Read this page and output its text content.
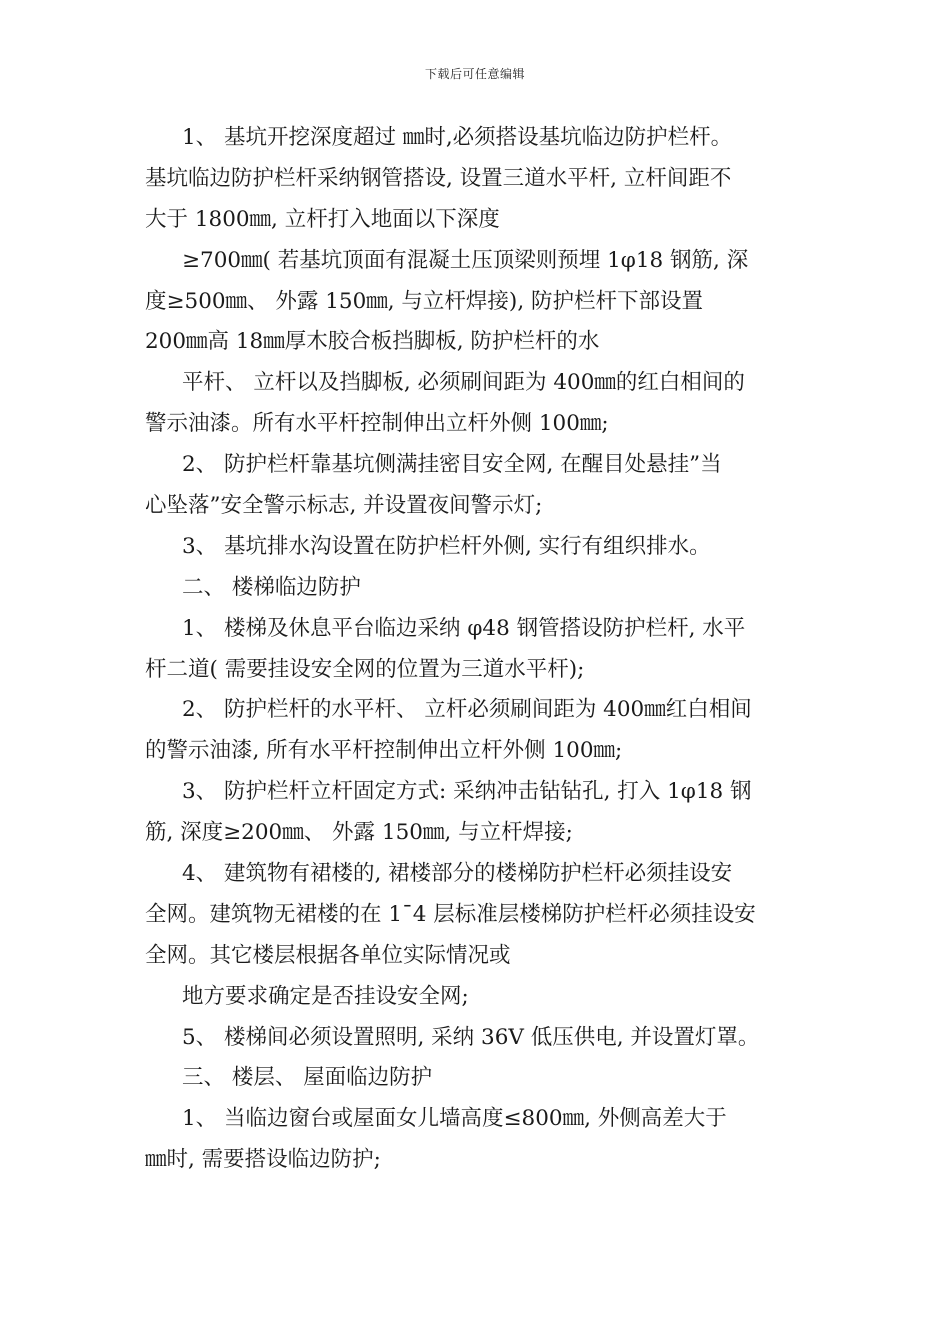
下载后可任意编辑
1、 基坑开挖深度超过 ㎜时,必须搭设基坑临边防护栏杆。
基坑临边防护栏杆采纳钢管搭设, 设置三道水平杆, 立杆间距不
大于 1800㎜, 立杆打入地面以下深度
≥700㎜( 若基坑顶面有混凝土压顶梁则预埋 1φ18 钢筋, 深
度≥500㎜、 外露 150㎜, 与立杆焊接), 防护栏杆下部设置
200㎜高 18㎜厚木胶合板挡脚板, 防护栏杆的水
平杆、 立杆以及挡脚板, 必须刷间距为 400㎜的红白相间的
警示油漆。所有水平杆控制伸出立杆外侧 100㎜;
2、 防护栏杆靠基坑侧满挂密目安全网, 在醒目处悬挂”当
心坠落”安全警示标志, 并设置夜间警示灯;
3、 基坑排水沟设置在防护栏杆外侧, 实行有组织排水。
二、 楼梯临边防护
1、 楼梯及休息平台临边采纳 φ48 钢管搭设防护栏杆, 水平
杆二道( 需要挂设安全网的位置为三道水平杆);
2、 防护栏杆的水平杆、 立杆必须刷间距为 400㎜红白相间
的警示油漆, 所有水平杆控制伸出立杆外侧 100㎜;
3、 防护栏杆立杆固定方式: 采纳冲击钻钻孔, 打入 1φ18 钢
筋, 深度≥200㎜、 外露 150㎜, 与立杆焊接;
4、 建筑物有裙楼的, 裙楼部分的楼梯防护栏杆必须挂设安
全网。建筑物无裙楼的在 1¯4 层标准层楼梯防护栏杆必须挂设安
全网。其它楼层根据各单位实际情况或
地方要求确定是否挂设安全网;
5、 楼梯间必须设置照明, 采纳 36V 低压供电, 并设置灯罩。
三、 楼层、 屋面临边防护
1、 当临边窗台或屋面女儿墙高度≤800㎜, 外侧高差大于
㎜时, 需要搭设临边防护;
